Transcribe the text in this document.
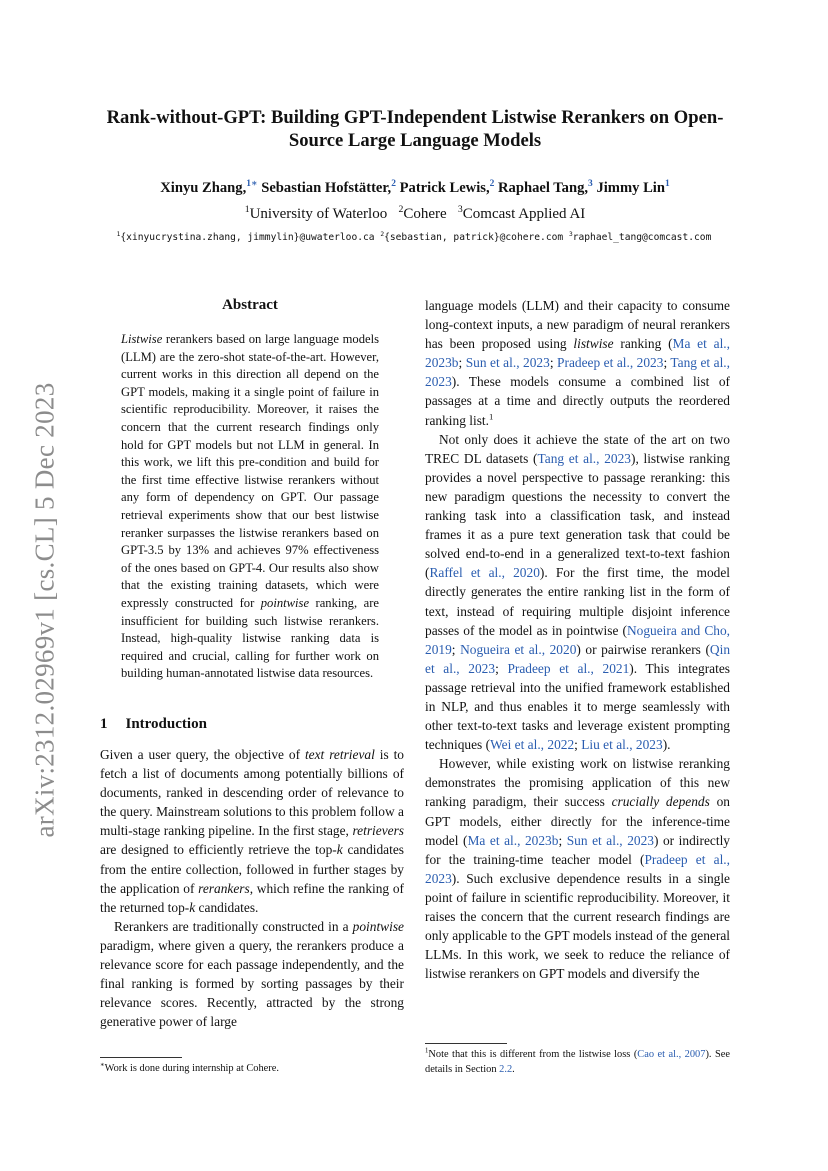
arXiv:2312.02969v1 [cs.CL] 5 Dec 2023
Rank-without-GPT: Building GPT-Independent Listwise Rerankers on Open-Source Large Language Models
Xinyu Zhang,$^{1∗}$ Sebastian Hofstätter,$^2$ Patrick Lewis,$^2$ Raphael Tang,$^3$ Jimmy Lin$^1$
$^1$University of Waterloo $^2$Cohere $^3$Comcast Applied AI
$^1${xinyucrystina.zhang, jimmylin}@uwaterloo.ca $^2${sebastian, patrick}@cohere.com $^3$raphael_tang@comcast.com
Abstract

Listwise rerankers based on large language models (LLM) are the zero-shot state-of-the-art. However, current works in this direction all depend on the GPT models, making it a single point of failure in scientific reproducibility. Moreover, it raises the concern that the current research findings only hold for GPT models but not LLM in general. In this work, we lift this pre-condition and build for the first time effective listwise rerankers without any form of dependency on GPT. Our passage retrieval experiments show that our best listwise reranker surpasses the listwise rerankers based on GPT-3.5 by 13% and achieves 97% effectiveness of the ones based on GPT-4. Our results also show that the existing training datasets, which were expressly constructed for pointwise ranking, are insufficient for building such listwise rerankers. Instead, high-quality listwise ranking data is required and crucial, calling for further work on building human-annotated listwise data resources.

1 Introduction

Given a user query, the objective of text retrieval is to fetch a list of documents among potentially billions of documents, ranked in descending order of relevance to the query. Mainstream solutions to this problem follow a multi-stage ranking pipeline. In the first stage, retrievers are designed to efficiently retrieve the top-k candidates from the entire collection, followed in further stages by the application of rerankers, which refine the ranking of the returned top-k candidates.

Rerankers are traditionally constructed in a pointwise paradigm, where given a query, the rerankers produce a relevance score for each passage independently, and the final ranking is formed by sorting passages by their relevance scores. Recently, attracted by the strong generative power of large

language models (LLM) and their capacity to consume long-context inputs, a new paradigm of neural rerankers has been proposed using listwise ranking (Ma et al., 2023b; Sun et al., 2023; Pradeep et al., 2023; Tang et al., 2023). These models consume a combined list of passages at a time and directly outputs the reordered ranking list.$^1$

Not only does it achieve the state of the art on two TREC DL datasets (Tang et al., 2023), listwise ranking provides a novel perspective to passage reranking: this new paradigm questions the necessity to convert the ranking task into a classification task, and instead frames it as a pure text generation task that could be solved end-to-end in a generalized text-to-text fashion (Raffel et al., 2020). For the first time, the model directly generates the entire ranking list in the form of text, instead of requiring multiple disjoint inference passes of the model as in pointwise (Nogueira and Cho, 2019; Nogueira et al., 2020) or pairwise rerankers (Qin et al., 2023; Pradeep et al., 2021). This integrates passage retrieval into the unified framework established in NLP, and thus enables it to merge seamlessly with other text-to-text tasks and leverage existent prompting techniques (Wei et al., 2022; Liu et al., 2023).

However, while existing work on listwise reranking demonstrates the promising application of this new ranking paradigm, their success crucially depends on GPT models, either directly for the inference-time model (Ma et al., 2023b; Sun et al., 2023) or indirectly for the training-time teacher model (Pradeep et al., 2023). Such exclusive dependence results in a single point of failure in scientific reproducibility. Moreover, it raises the concern that the current research findings are only applicable to the GPT models instead of the general LLMs. In this work, we seek to reduce the reliance of listwise rerankers on GPT models and diversify the

∗Work is done during internship at Cohere.
$^1$Note that this is different from the listwise loss (Cao et al., 2007). See details in Section 2.2.
